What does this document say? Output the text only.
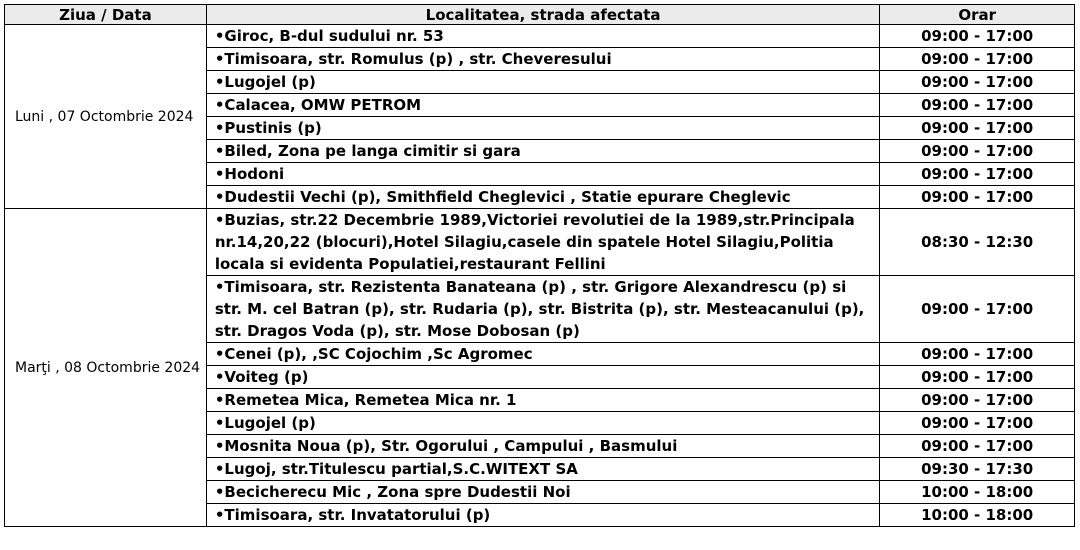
Ziua / Data	Localitatea, strada afectata	Orar
Luni , 07 Octombrie 2024	•Giroc, B-dul sudului nr. 53	09:00 - 17:00
	•Timisoara, str. Romulus (p) , str. Cheveresului	09:00 - 17:00
	•Lugojel (p)	09:00 - 17:00
	•Calacea, OMW PETROM	09:00 - 17:00
	•Pustinis (p)	09:00 - 17:00
	•Biled, Zona pe langa cimitir si gara	09:00 - 17:00
	•Hodoni	09:00 - 17:00
	•Dudestii Vechi (p), Smithfield Cheglevici , Statie epurare Cheglevic	09:00 - 17:00
Marţi , 08 Octombrie 2024	•Buzias, str.22 Decembrie 1989,Victoriei revolutiei de la 1989,str.Principala nr.14,20,22 (blocuri),Hotel Silagiu,casele din spatele Hotel Silagiu,Politia locala si evidenta Populatiei,restaurant Fellini	08:30 - 12:30
	•Timisoara, str. Rezistenta Banateana (p) , str. Grigore Alexandrescu (p) si str. M. cel Batran (p), str. Rudaria (p), str. Bistrita (p), str. Mesteacanului (p), str. Dragos Voda (p), str. Mose Dobosan (p)	09:00 - 17:00
	•Cenei (p), ,SC Cojochim ,Sc Agromec	09:00 - 17:00
	•Voiteg (p)	09:00 - 17:00
	•Remetea Mica, Remetea Mica nr. 1	09:00 - 17:00
	•Lugojel (p)	09:00 - 17:00
	•Mosnita Noua (p), Str. Ogorului , Campului , Basmului	09:00 - 17:00
	•Lugoj, str.Titulescu partial,S.C.WITEXT SA	09:30 - 17:30
	•Becicherecu Mic , Zona spre Dudestii Noi	10:00 - 18:00
	•Timisoara, str. Invatatorului (p)	10:00 - 18:00
